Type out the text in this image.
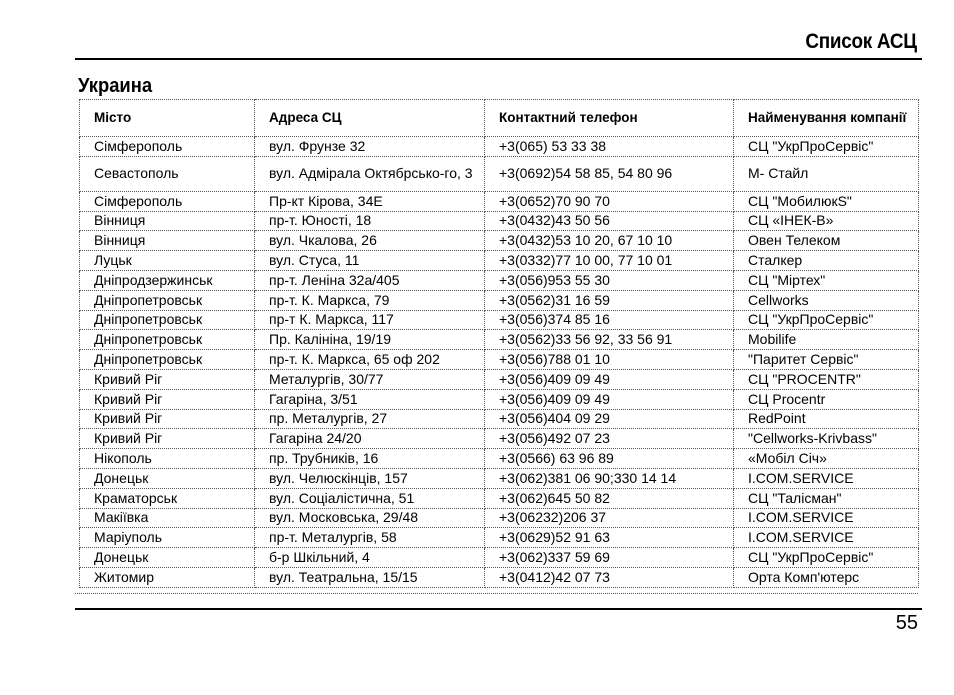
Список АСЦ
Украина
Місто	Адреса СЦ	Контактний телефон	Найменування компанії
Сімферополь	вул. Фрунзе 32	+3(065) 53 33 38	СЦ "УкрПроСервіс"
Севастополь	вул. Адмірала Октябрсько-го, 3	+3(0692)54 58 85, 54 80 96	М- Стайл
Сімферополь	Пр-кт Кірова, 34Е	+3(0652)70 90 70	СЦ "МобилюкS"
Вінниця	пр-т. Юності, 18	+3(0432)43 50 56	СЦ «ІНЕК-В»
Вінниця	вул. Чкалова, 26	+3(0432)53 10 20, 67 10 10	Овен Телеком
Луцьк	вул. Стуса, 11	+3(0332)77 10 00, 77 10 01	Сталкер
Дніпродзержинськ	пр-т. Леніна 32а/405	+3(056)953 55 30	СЦ "Міртех"
Дніпропетровськ	пр-т. К. Маркса, 79	+3(0562)31 16 59	Cellworks
Дніпропетровськ	пр-т К. Маркса, 117	+3(056)374 85 16	СЦ "УкрПроСервіс"
Дніпропетровськ	Пр. Калініна, 19/19	+3(0562)33 56 92, 33 56 91	Mobilife
Дніпропетровськ	пр-т. К. Маркса, 65 оф 202	+3(056)788 01 10	"Паритет Сервіс"
Кривий Ріг	Металургів, 30/77	+3(056)409 09 49	СЦ "PROCENTR"
Кривий Ріг	Гагаріна, 3/51	+3(056)409 09 49	СЦ Procentr
Кривий Ріг	пр. Металургів, 27	+3(056)404 09 29	RedPoint
Кривий Ріг	Гагаріна 24/20	+3(056)492 07 23	"Cellworks-Krivbass"
Нікополь	пр. Трубників, 16	+3(0566) 63 96 89	«Мобіл Січ»
Донецьк	вул. Челюскінців, 157	+3(062)381 06 90;330 14 14	I.COM.SERVICE
Краматорськ	вул. Соціалістична, 51	+3(062)645 50 82	СЦ "Талісман"
Макіївка	вул. Московська, 29/48	+3(06232)206 37	I.COM.SERVICE
Маріуполь	пр-т. Металургів, 58	+3(0629)52 91 63	I.COM.SERVICE
Донецьк	б-р Шкільний, 4	+3(062)337 59 69	СЦ "УкрПроСервіс"
Житомир	вул. Театральна, 15/15	+3(0412)42 07 73	Орта Комп'ютерс
55
